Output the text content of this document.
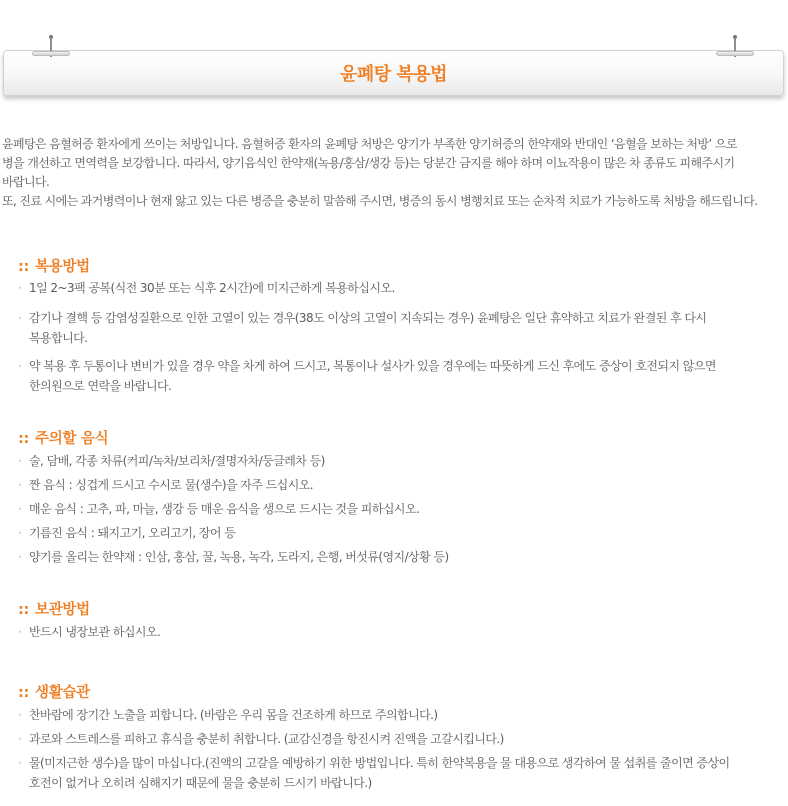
윤폐탕 복용법

윤폐탕은 음혈허증 환자에게 쓰이는 처방입니다. 음혈허증 환자의 윤폐탕 처방은 양기가 부족한 양기허증의 한약재와 반대인 ‘음혈을 보하는 처방’ 으로

병을 개선하고 면역력을 보강합니다. 따라서, 양기음식인 한약재(녹용/홍삼/생강 등)는 당분간 금지를 해야 하며 이뇨작용이 많은 차 종류도 피해주시기

바랍니다.

또, 진료 시에는 과거병력이나 현재 앓고 있는 다른 병증을 충분히 말씀해 주시면, 병증의 동시 병행치료 또는 순차적 치료가 가능하도록 처방을 해드립니다.

:: 복용방법
· 1일 2~3팩 공복(식전 30분 또는 식후 2시간)에 미지근하게 복용하십시오.
· 감기나 결핵 등 감염성질환으로 인한 고열이 있는 경우(38도 이상의 고열이 지속되는 경우) 윤폐탕은 일단 휴약하고 치료가 완결된 후 다시
복용합니다.
· 약 복용 후 두통이나 변비가 있을 경우 약을 차게 하여 드시고, 복통이나 설사가 있을 경우에는 따뜻하게 드신 후에도 증상이 호전되지 않으면
한의원으로 연락을 바랍니다.
:: 주의할 음식
· 술, 담배, 각종 차류(커피/녹차/보리차/결명자차/둥글레차 등)
· 짠 음식 : 싱겁게 드시고 수시로 물(생수)을 자주 드십시오.
· 매운 음식 : 고추, 파, 마늘, 생강 등 매운 음식을 생으로 드시는 것을 피하십시오.
· 기름진 음식 : 돼지고기, 오리고기, 장어 등
· 양기를 올리는 한약재 : 인삼, 홍삼, 꿀, 녹용, 녹각, 도라지, 은행, 버섯류(영지/상황 등)
:: 보관방법
· 반드시 냉장보관 하십시오.
:: 생활습관
· 찬바람에 장기간 노출을 피합니다. (바람은 우리 몸을 건조하게 하므로 주의합니다.)
· 과로와 스트레스를 피하고 휴식을 충분히 취합니다. (교감신경을 항진시켜 진액을 고갈시킵니다.)
· 물(미지근한 생수)을 많이 마십니다.(진액의 고갈을 예방하기 위한 방법입니다. 특히 한약복용을 물 대용으로 생각하여 물 섭취를 줄이면 증상이
호전이 없거나 오히려 심해지기 때문에 물을 충분히 드시기 바랍니다.)
